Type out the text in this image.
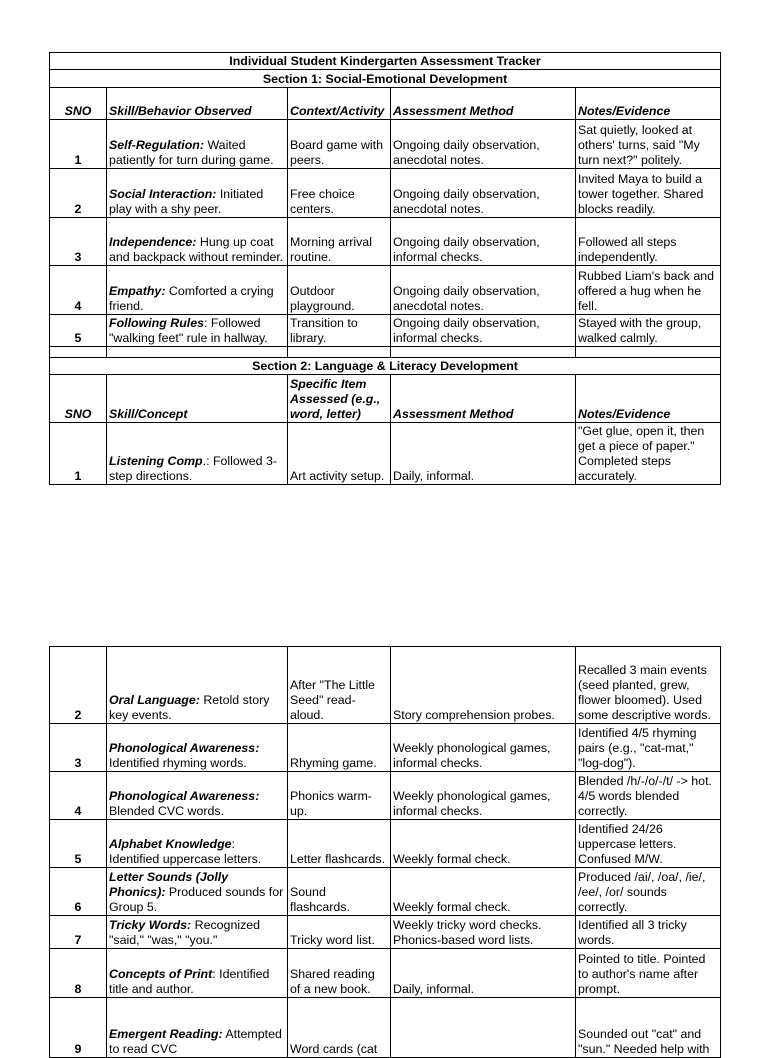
Individual Student Kindergarten Assessment Tracker				
Section 1: Social-Emotional Development				
SNO	Skill/Behavior Observed	Context/Activity	Assessment Method	Notes/Evidence
1	Self-Regulation: Waited patiently for turn during game.	Board game with peers.	Ongoing daily observation, anecdotal notes.	Sat quietly, looked at others' turns, said "My turn next?" politely.
2	Social Interaction: Initiated play with a shy peer.	Free choice centers.	Ongoing daily observation, anecdotal notes.	Invited Maya to build a tower together. Shared blocks readily.
3	Independence: Hung up coat and backpack without reminder.	Morning arrival routine.	Ongoing daily observation, informal checks.	Followed all steps independently.
4	Empathy: Comforted a crying friend.	Outdoor playground.	Ongoing daily observation, anecdotal notes.	Rubbed Liam's back and offered a hug when he fell.
5	Following Rules: Followed "walking feet" rule in hallway.	Transition to library.	Ongoing daily observation, informal checks.	Stayed with the group, walked calmly.

Section 2: Language & Literacy Development				
SNO	Skill/Concept	Specific Item Assessed (e.g., word, letter)	Assessment Method	Notes/Evidence
1	Listening Comp.: Followed 3-step directions.	Art activity setup.	Daily, informal.	"Get glue, open it, then get a piece of paper." Completed steps accurately.
2	Oral Language: Retold story key events.	After "The Little Seed" read-aloud.	Story comprehension probes.	Recalled 3 main events (seed planted, grew, flower bloomed). Used some descriptive words.
3	Phonological Awareness: Identified rhyming words.	Rhyming game.	Weekly phonological games, informal checks.	Identified 4/5 rhyming pairs (e.g., "cat-mat," "log-dog").
4	Phonological Awareness: Blended CVC words.	Phonics warm-up.	Weekly phonological games, informal checks.	Blended /h/-/o/-/t/ -> hot. 4/5 words blended correctly.
5	Alphabet Knowledge: Identified uppercase letters.	Letter flashcards.	Weekly formal check.	Identified 24/26 uppercase letters. Confused M/W.
6	Letter Sounds (Jolly Phonics): Produced sounds for Group 5.	Sound flashcards.	Weekly formal check.	Produced /ai/, /oa/, /ie/, /ee/, /or/ sounds correctly.
7	Tricky Words: Recognized "said," "was," "you."	Tricky word list.	Weekly tricky word checks. Phonics-based word lists.	Identified all 3 tricky words.
8	Concepts of Print: Identified title and author.	Shared reading of a new book.	Daily, informal.	Pointed to title. Pointed to author's name after prompt.
9	Emergent Reading: Attempted to read CVC	Word cards (cat		Sounded out "cat" and "sun." Needed help with
